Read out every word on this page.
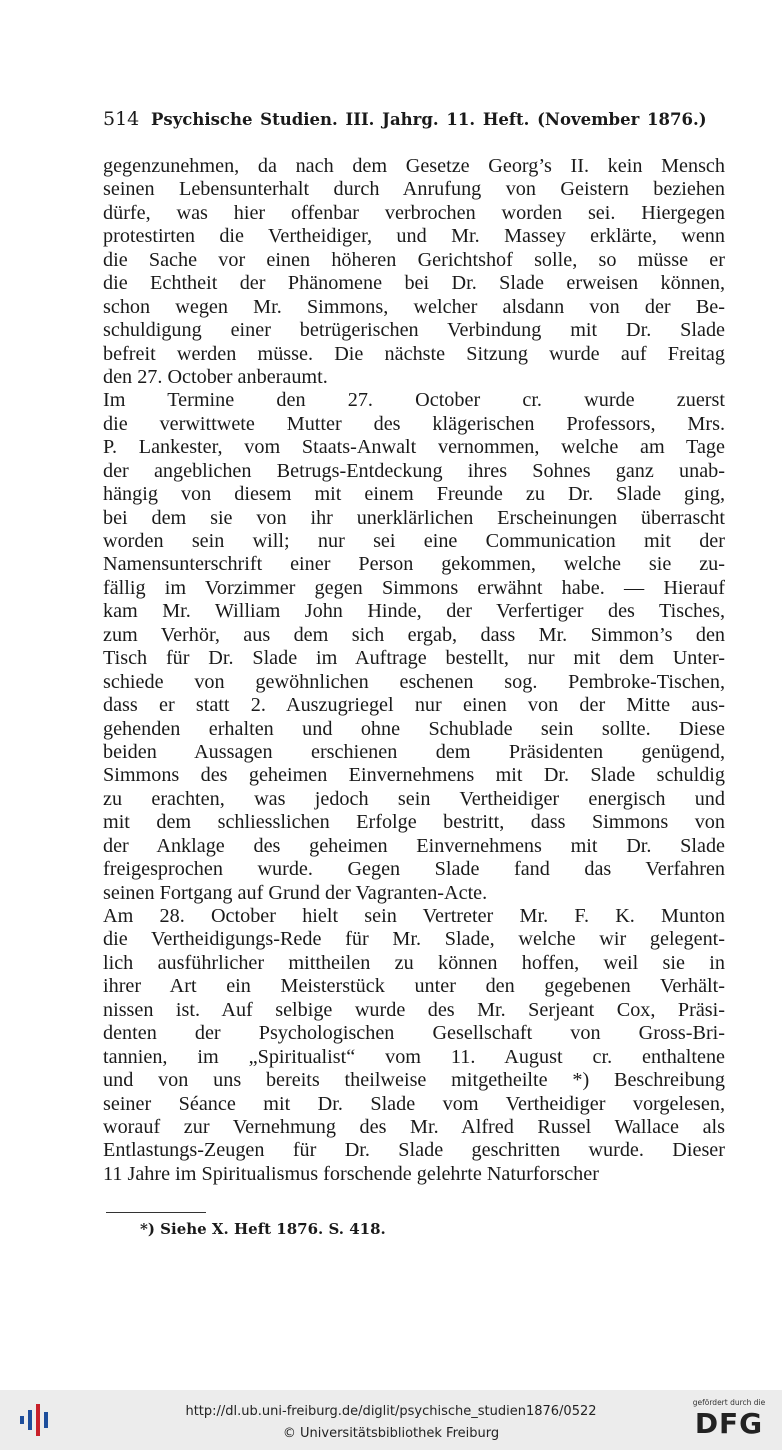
514 Psychische Studien. III. Jahrg. 11. Heft. (November 1876.)
gegenzunehmen, da nach dem Gesetze Georg’s II. kein Mensch
seinen Lebensunterhalt durch Anrufung von Geistern beziehen
dürfe, was hier offenbar verbrochen worden sei. Hiergegen
protestirten die Vertheidiger, und Mr. Massey erklärte, wenn
die Sache vor einen höheren Gerichtshof solle, so müsse er
die Echtheit der Phänomene bei Dr. Slade erweisen können,
schon wegen Mr. Simmons, welcher alsdann von der Be-
schuldigung einer betrügerischen Verbindung mit Dr. Slade
befreit werden müsse. Die nächste Sitzung wurde auf Freitag
den 27. October anberaumt.
Im Termine den 27. October cr. wurde zuerst
die verwittwete Mutter des klägerischen Professors, Mrs.
P. Lankester, vom Staats-Anwalt vernommen, welche am Tage
der angeblichen Betrugs-Entdeckung ihres Sohnes ganz unab-
hängig von diesem mit einem Freunde zu Dr. Slade ging,
bei dem sie von ihr unerklärlichen Erscheinungen überrascht
worden sein will; nur sei eine Communication mit der
Namensunterschrift einer Person gekommen, welche sie zu-
fällig im Vorzimmer gegen Simmons erwähnt habe. — Hierauf
kam Mr. William John Hinde, der Verfertiger des Tisches,
zum Verhör, aus dem sich ergab, dass Mr. Simmon’s den
Tisch für Dr. Slade im Auftrage bestellt, nur mit dem Unter-
schiede von gewöhnlichen eschenen sog. Pembroke-Tischen,
dass er statt 2. Auszugriegel nur einen von der Mitte aus-
gehenden erhalten und ohne Schublade sein sollte. Diese
beiden Aussagen erschienen dem Präsidenten genügend,
Simmons des geheimen Einvernehmens mit Dr. Slade schuldig
zu erachten, was jedoch sein Vertheidiger energisch und
mit dem schliesslichen Erfolge bestritt, dass Simmons von
der Anklage des geheimen Einvernehmens mit Dr. Slade
freigesprochen wurde. Gegen Slade fand das Verfahren
seinen Fortgang auf Grund der Vagranten-Acte.
Am 28. October hielt sein Vertreter Mr. F. K. Munton
die Vertheidigungs-Rede für Mr. Slade, welche wir gelegent-
lich ausführlicher mittheilen zu können hoffen, weil sie in
ihrer Art ein Meisterstück unter den gegebenen Verhält-
nissen ist. Auf selbige wurde des Mr. Serjeant Cox, Präsi-
denten der Psychologischen Gesellschaft von Gross-Bri-
tannien, im „Spiritualist“ vom 11. August cr. enthaltene
und von uns bereits theilweise mitgetheilte *) Beschreibung
seiner Séance mit Dr. Slade vom Vertheidiger vorgelesen,
worauf zur Vernehmung des Mr. Alfred Russel Wallace als
Entlastungs-Zeugen für Dr. Slade geschritten wurde. Dieser
11 Jahre im Spiritualismus forschende gelehrte Naturforscher
*) Siehe X. Heft 1876. S. 418.
http://dl.ub.uni-freiburg.de/diglit/psychische_studien1876/0522
© Universitätsbibliothek Freiburg
gefördert durch die
DFG
